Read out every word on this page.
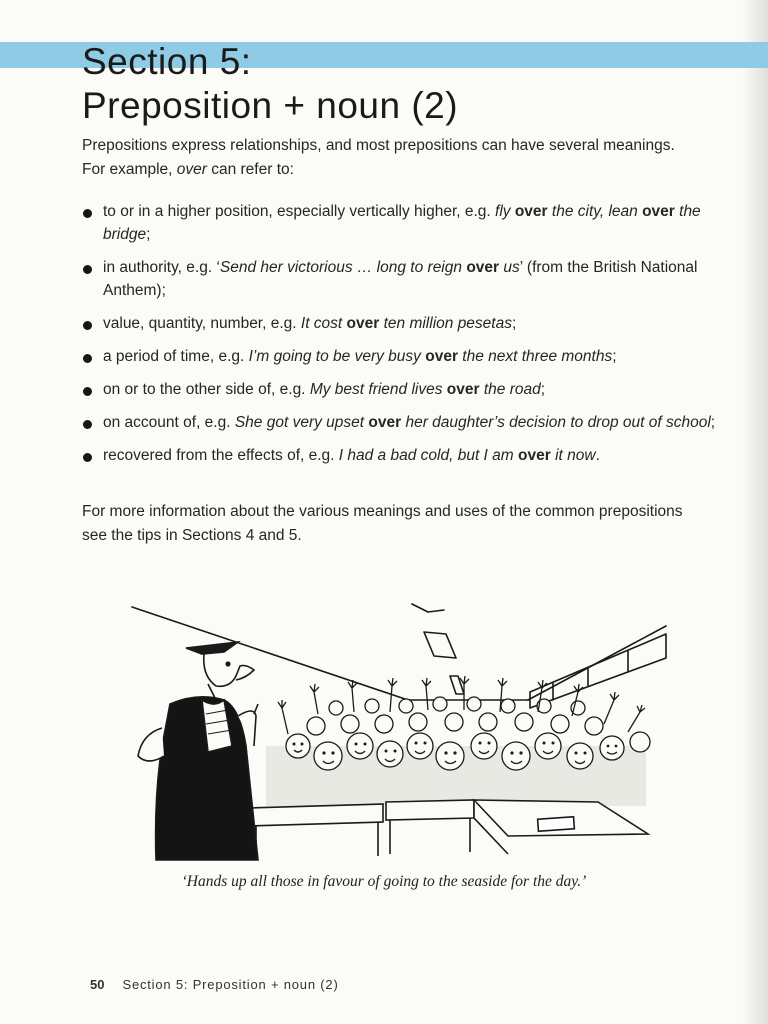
Section 5:
Preposition + noun (2)

Prepositions express relationships, and most prepositions can have several meanings. For example, over can refer to:

to or in a higher position, especially vertically higher, e.g. fly over the city, lean over the bridge;
in authority, e.g. ‘Send her victorious … long to reign over us’ (from the British National Anthem);
value, quantity, number, e.g. It cost over ten million pesetas;
a period of time, e.g. I’m going to be very busy over the next three months;
on or to the other side of, e.g. My best friend lives over the road;
on account of, e.g. She got very upset over her daughter’s decision to drop out of school;
recovered from the effects of, e.g. I had a bad cold, but I am over it now.

For more information about the various meanings and uses of the common prepositions see the tips in Sections 4 and 5.

‘Hands up all those in favour of going to the seaside for the day.’

50 Section 5: Preposition + noun (2)
